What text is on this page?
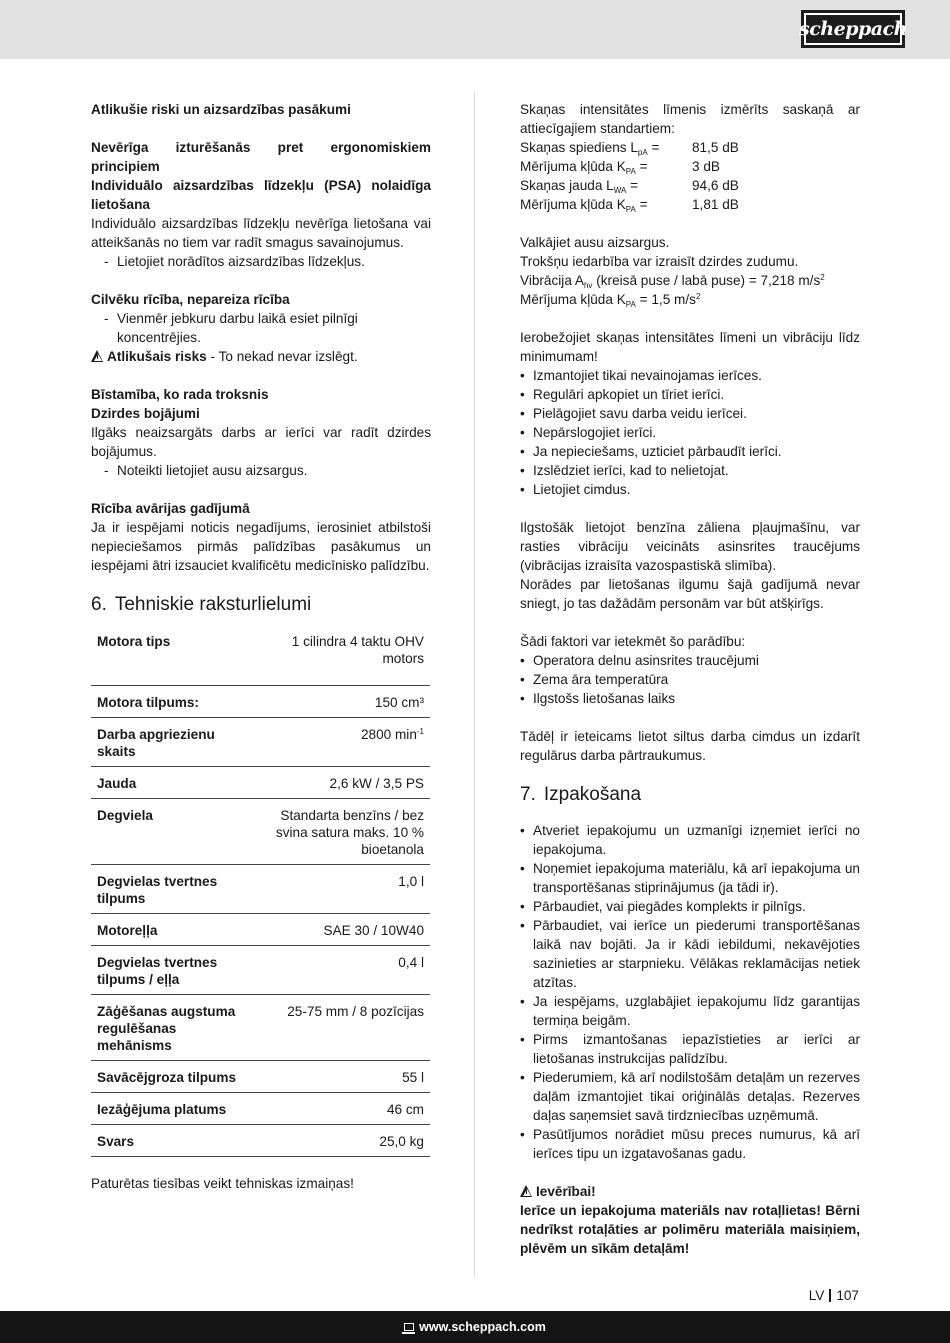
scheppach

Atlikušie riski un aizsardzības pasākumi

Nevērīga izturēšanās pret ergonomiskiem principiem

Individuālo aizsardzības līdzekļu (PSA) nolaidīga lietošana

Individuālo aizsardzības līdzekļu nevērīga lietošana vai atteikšanās no tiem var radīt smagus savainojumus.

- Lietojiet norādītos aizsardzības līdzekļus.

Cilvēku rīcība, nepareiza rīcība

- Vienmēr jebkuru darbu laikā esiet pilnīgi koncentrējies.

Atlikušais risks - To nekad nevar izslēgt.

Bīstamība, ko rada troksnis

Dzirdes bojājumi

Ilgāks neaizsargāts darbs ar ierīci var radīt dzirdes bojājumus.

- Noteikti lietojiet ausu aizsargus.

Rīcība avārijas gadījumā

Ja ir iespējami noticis negadījums, ierosiniet atbilstoši nepieciešamos pirmās palīdzības pasākumus un iespējami ātri izsauciet kvalificētu medicīnisko palīdzību.

6. Tehniskie raksturlielumi
Motora tips	1 cilindra 4 taktu OHV motors
Motora tilpums:	150 cm³
Darba apgriezienu skaits	2800 $\min^{-1}$
Jauda	2,6 kW / 3,5 PS
Degviela	Standarta benzīns / bez svina satura maks. 10 % bioetanola
Degvielas tvertnes tilpums	1,0 l
Motoreļļa	SAE 30 / 10W40
Degvielas tvertnes tilpums / eļļa	0,4 l
Zāģēšanas augstuma regulēšanas mehānisms	25-75 mm / 8 pozīcijas
Savācējgroza tilpums	55 l
Iezāģējuma platums	46 cm
Svars	25,0 kg

Paturētas tiesības veikt tehniskas izmaiņas!

Skaņas intensitātes līmenis izmērīts saskaņā ar attiecīgajiem standartiem:

Skaņas spiediens $L_{pA}$ =	81,5 dB
Mērījuma kļūda $K_{PA}$ =	3 dB
Skaņas jauda $L_{WA}$ =	94,6 dB
Mērījuma kļūda $K_{PA}$ =	1,81 dB

Valkājiet ausu aizsargus.

Trokšņu iedarbība var izraisīt dzirdes zudumu.

Vibrācija $A_{hv}$ (kreisā puse / labā puse) = 7,218 $m/s^2$

Mērījuma kļūda $K_{PA} = 1,5$ $m/s^2$

Ierobežojiet skaņas intensitātes līmeni un vibrāciju līdz minimumam!

• Izmantojiet tikai nevainojamas ierīces.
• Regulāri apkopiet un tīriet ierīci.
• Pielāgojiet savu darba veidu ierīcei.
• Nepārslogojiet ierīci.
• Ja nepieciešams, uzticiet pārbaudīt ierīci.
• Izslēdziet ierīci, kad to nelietojat.
• Lietojiet cimdus.

Ilgstošāk lietojot benzīna zāliena pļaujmašīnu, var rasties vibrāciju veicināts asinsrites traucējums (vibrācijas izraisīta vazospastiskā slimība).

Norādes par lietošanas ilgumu šajā gadījumā nevar sniegt, jo tas dažādām personām var būt atšķirīgs.

Šādi faktori var ietekmēt šo parādību:

• Operatora delnu asinsrites traucējumi
• Zema āra temperatūra
• Ilgstošs lietošanas laiks

Tādēļ ir ieteicams lietot siltus darba cimdus un izdarīt regulārus darba pārtraukumus.

7. Izpakošana
• Atveriet iepakojumu un uzmanīgi izņemiet ierīci no iepakojuma.
• Noņemiet iepakojuma materiālu, kā arī iepakojuma un transportēšanas stiprinājumus (ja tādi ir).
• Pārbaudiet, vai piegādes komplekts ir pilnīgs.
• Pārbaudiet, vai ierīce un piederumi transportēšanas laikā nav bojāti. Ja ir kādi iebildumi, nekavējoties sazinieties ar starpnieku. Vēlākas reklamācijas netiek atzītas.
• Ja iespējams, uzglabājiet iepakojumu līdz garantijas termiņa beigām.
• Pirms izmantošanas iepazīstieties ar ierīci ar lietošanas instrukcijas palīdzību.
• Piederumiem, kā arī nodilstošām detaļām un rezerves daļām izmantojiet tikai oriģinālās detaļas. Rezerves daļas saņemsiet savā tirdzniecības uzņēmumā.
• Pasūtījumos norādiet mūsu preces numurus, kā arī ierīces tipu un izgatavošanas gadu.

Ievērībai!

Ierīce un iepakojuma materiāls nav rotaļlietas! Bērni nedrīkst rotaļāties ar polimēru materiāla maisiņiem, plēvēm un sīkām detaļām!

LV 107
www.scheppach.com
